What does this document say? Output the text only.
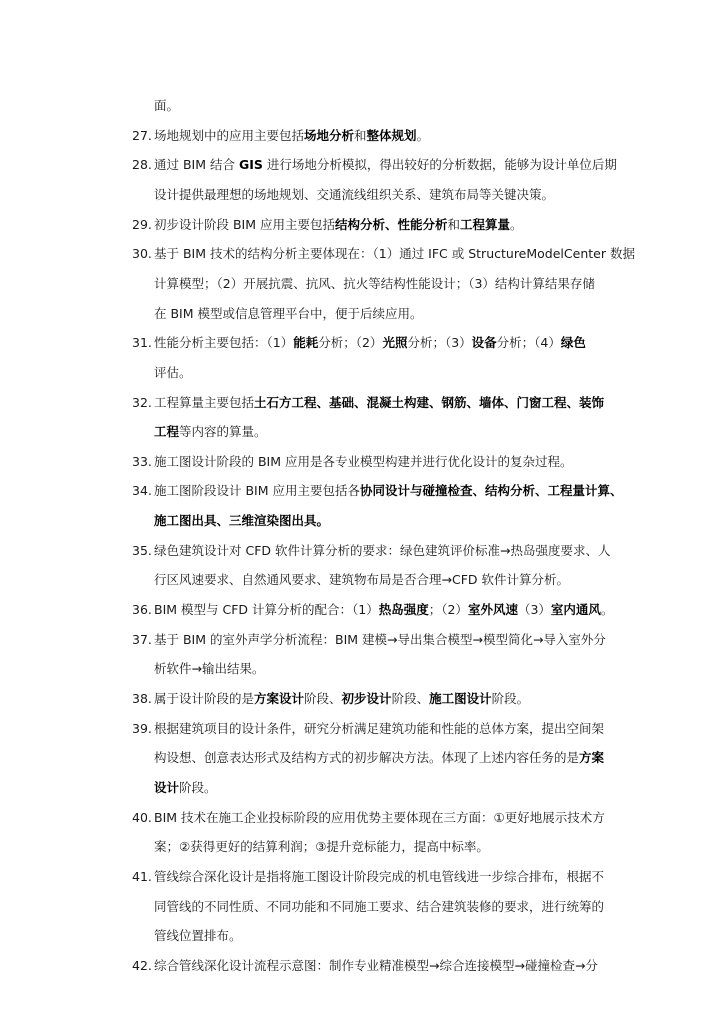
面。
27. 场地规划中的应用主要包括场地分析和整体规划。
28. 通过 BIM 结合 GIS 进行场地分析模拟，得出较好的分析数据，能够为设计单位后期
设计提供最理想的场地规划、交通流线组织关系、建筑布局等关键决策。
29. 初步设计阶段 BIM 应用主要包括结构分析、性能分析和工程算量。
30. 基于 BIM 技术的结构分析主要体现在：（1）通过 IFC 或 StructureModelCenter 数据
计算模型；（2）开展抗震、抗风、抗火等结构性能设计；（3）结构计算结果存储
在 BIM 模型或信息管理平台中，便于后续应用。
31. 性能分析主要包括：（1）能耗分析；（2）光照分析；（3）设备分析；（4）绿色
评估。
32. 工程算量主要包括土石方工程、基础、混凝土构建、钢筋、墙体、门窗工程、装饰
工程等内容的算量。
33. 施工图设计阶段的 BIM 应用是各专业模型构建并进行优化设计的复杂过程。
34. 施工图阶段设计 BIM 应用主要包括各协同设计与碰撞检查、结构分析、工程量计算、
施工图出具、三维渲染图出具。
35. 绿色建筑设计对 CFD 软件计算分析的要求：绿色建筑评价标准→热岛强度要求、人
行区风速要求、自然通风要求、建筑物布局是否合理→CFD 软件计算分析。
36. BIM 模型与 CFD 计算分析的配合：（1）热岛强度；（2）室外风速（3）室内通风。
37. 基于 BIM 的室外声学分析流程：BIM 建模→导出集合模型→模型简化→导入室外分
析软件→输出结果。
38. 属于设计阶段的是方案设计阶段、初步设计阶段、施工图设计阶段。
39. 根据建筑项目的设计条件，研究分析满足建筑功能和性能的总体方案，提出空间架
构设想、创意表达形式及结构方式的初步解决方法。体现了上述内容任务的是方案
设计阶段。
40. BIM 技术在施工企业投标阶段的应用优势主要体现在三方面：①更好地展示技术方
案；②获得更好的结算利润；③提升竞标能力，提高中标率。
41. 管线综合深化设计是指将施工图设计阶段完成的机电管线进一步综合排布，根据不
同管线的不同性质、不同功能和不同施工要求、结合建筑装修的要求，进行统筹的
管线位置排布。
42. 综合管线深化设计流程示意图：制作专业精准模型→综合连接模型→碰撞检查→分
